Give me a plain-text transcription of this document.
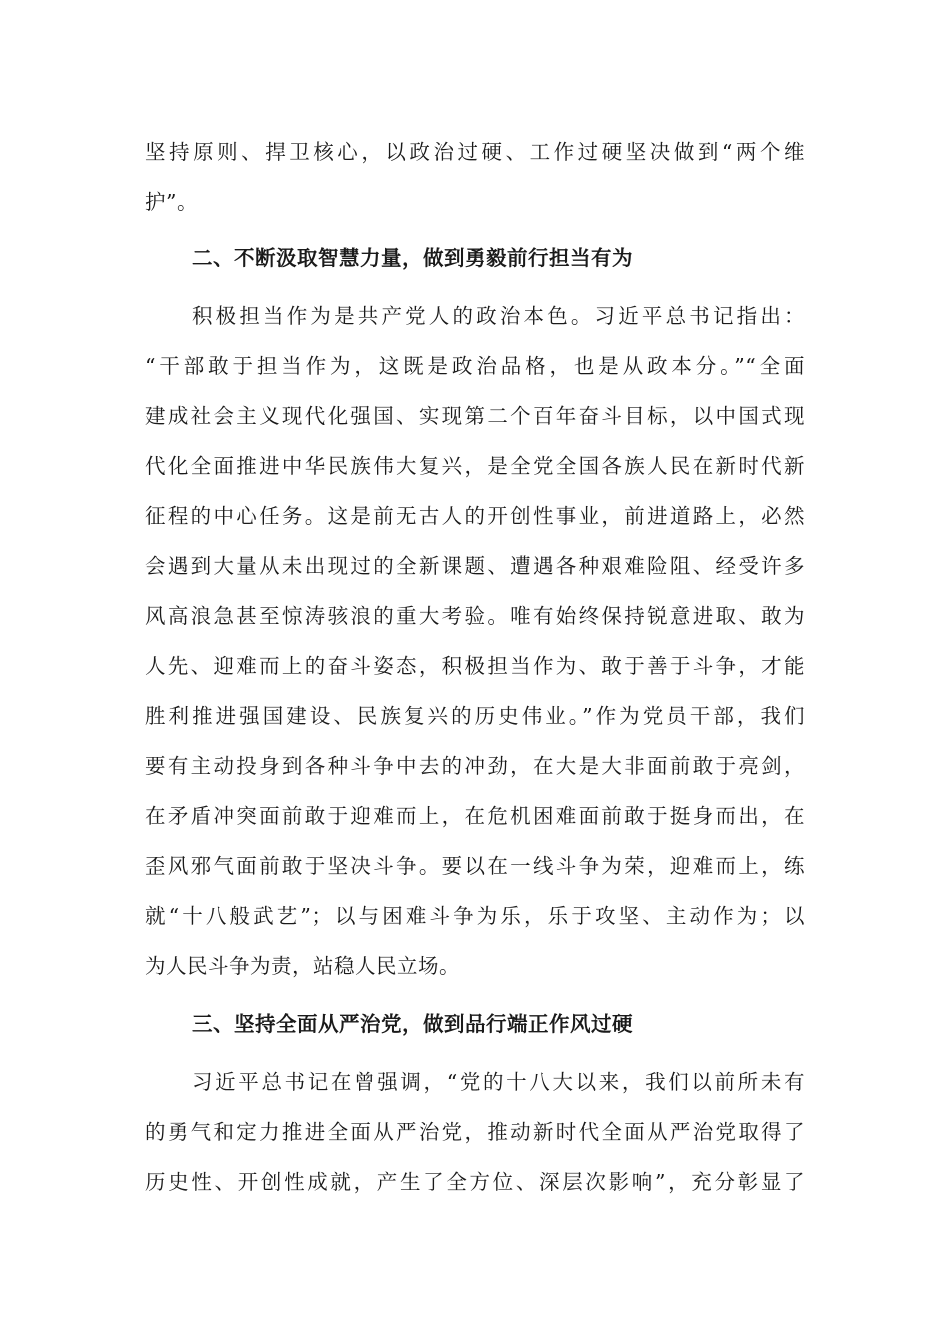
坚持原则、捍卫核心，以政治过硬、工作过硬坚决做到“两个维
护”。
二、不断汲取智慧力量，做到勇毅前行担当有为
积极担当作为是共产党人的政治本色。习近平总书记指出：
“干部敢于担当作为，这既是政治品格，也是从政本分。”“全面
建成社会主义现代化强国、实现第二个百年奋斗目标，以中国式现
代化全面推进中华民族伟大复兴，是全党全国各族人民在新时代新
征程的中心任务。这是前无古人的开创性事业，前进道路上，必然
会遇到大量从未出现过的全新课题、遭遇各种艰难险阻、经受许多
风高浪急甚至惊涛骇浪的重大考验。唯有始终保持锐意进取、敢为
人先、迎难而上的奋斗姿态，积极担当作为、敢于善于斗争，才能
胜利推进强国建设、民族复兴的历史伟业。”作为党员干部，我们
要有主动投身到各种斗争中去的冲劲，在大是大非面前敢于亮剑，
在矛盾冲突面前敢于迎难而上，在危机困难面前敢于挺身而出，在
歪风邪气面前敢于坚决斗争。要以在一线斗争为荣，迎难而上，练
就“十八般武艺”；以与困难斗争为乐，乐于攻坚、主动作为；以
为人民斗争为责，站稳人民立场。
三、坚持全面从严治党，做到品行端正作风过硬
习近平总书记在曾强调，“党的十八大以来，我们以前所未有
的勇气和定力推进全面从严治党，推动新时代全面从严治党取得了
历史性、开创性成就，产生了全方位、深层次影响”，充分彰显了
